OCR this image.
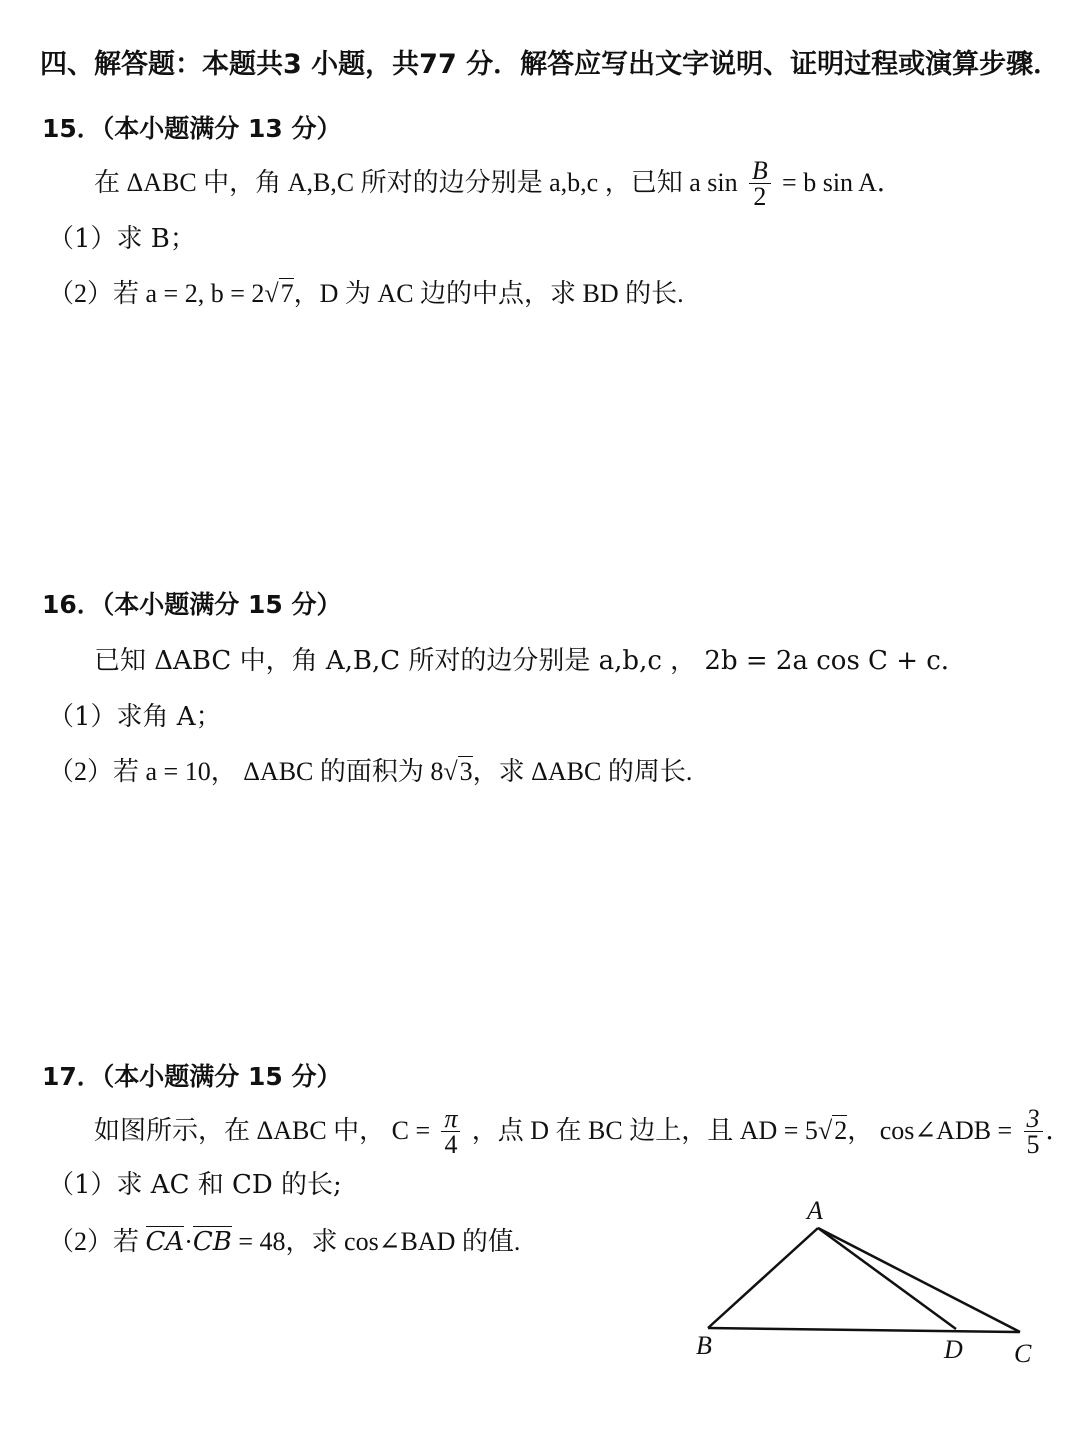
四、解答题：本题共3 小题，共77 分．解答应写出文字说明、证明过程或演算步骤．
15．（本小题满分 13 分）
在 ΔABC 中，角 A,B,C 所对的边分别是 a,b,c ，已知 a $\sin \frac{B}{2} = b$ sin A．
（1）求 B；
（2）若 a = 2, b = 2√7，D 为 AC 边的中点，求 BD 的长.
16．（本小题满分 15 分）
已知 ΔABC 中，角 A,B,C 所对的边分别是 a,b,c ， 2b = 2a cos C + c．
（1）求角 A；
（2）若 a = 10， ΔABC 的面积为 8√3，求 ΔABC 的周长.
17．（本小题满分 15 分）
如图所示，在 ΔABC 中， $C = \frac{\pi}{4}$ ，点 D 在 BC 边上，且 AD = 5√2， cos∠ADB = $\frac{3}{5}$ ．
（1）求 AC 和 CD 的长;
（2）若 CA·CB = 48，求 cos∠BAD 的值.
A
B	D C
